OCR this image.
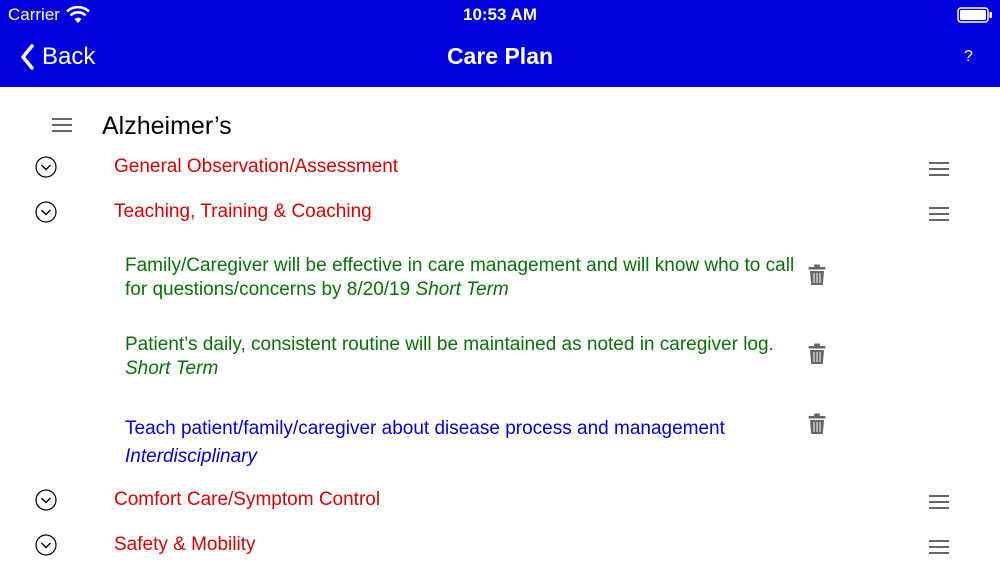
Carrier	10:53 AM
Back	Care Plan	?
Alzheimer’s
General Observation/Assessment
Teaching, Training & Coaching
Family/Caregiver will be effective in care management and will know who to call for questions/concerns by 8/20/19 Short Term
Patient’s daily, consistent routine will be maintained as noted in caregiver log. Short Term
Teach patient/family/caregiver about disease process and management Interdisciplinary
Comfort Care/Symptom Control
Safety & Mobility
